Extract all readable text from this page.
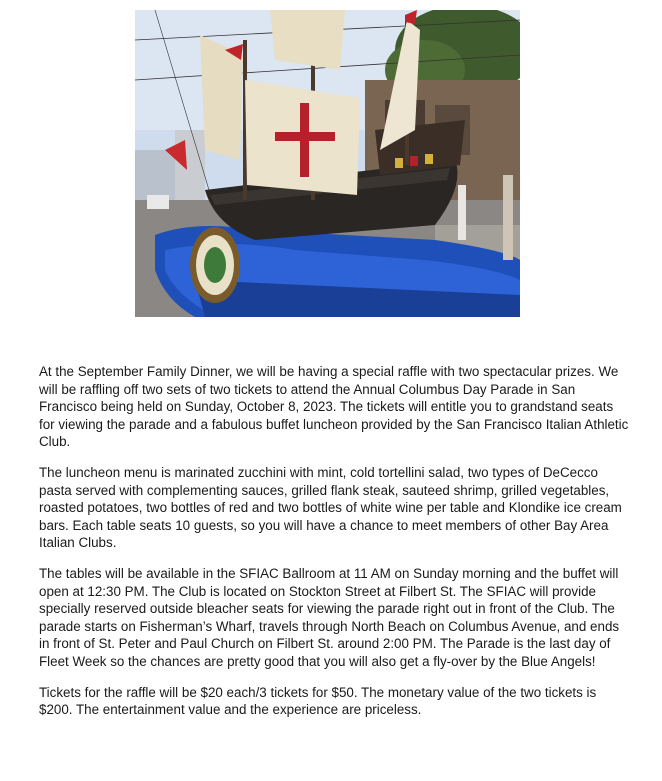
At the September Family Dinner, we will be having a special raffle with two spectacular prizes. We will be raffling off two sets of two tickets to attend the Annual Columbus Day Parade in San Francisco being held on Sunday, October 8, 2023. The tickets will entitle you to grandstand seats for viewing the parade and a fabulous buffet luncheon provided by the San Francisco Italian Athletic Club.

The luncheon menu is marinated zucchini with mint, cold tortellini salad, two types of DeCecco pasta served with complementing sauces, grilled flank steak, sauteed shrimp, grilled vegetables, roasted potatoes, two bottles of red and two bottles of white wine per table and Klondike ice cream bars. Each table seats 10 guests, so you will have a chance to meet members of other Bay Area Italian Clubs.

The tables will be available in the SFIAC Ballroom at 11 AM on Sunday morning and the buffet will open at 12:30 PM. The Club is located on Stockton Street at Filbert St. The SFIAC will provide specially reserved outside bleacher seats for viewing the parade right out in front of the Club. The parade starts on Fisherman’s Wharf, travels through North Beach on Columbus Avenue, and ends in front of St. Peter and Paul Church on Filbert St. around 2:00 PM. The Parade is the last day of Fleet Week so the chances are pretty good that you will also get a fly-over by the Blue Angels!

Tickets for the raffle will be $20 each/3 tickets for $50. The monetary value of the two tickets is $200. The entertainment value and the experience are priceless.
